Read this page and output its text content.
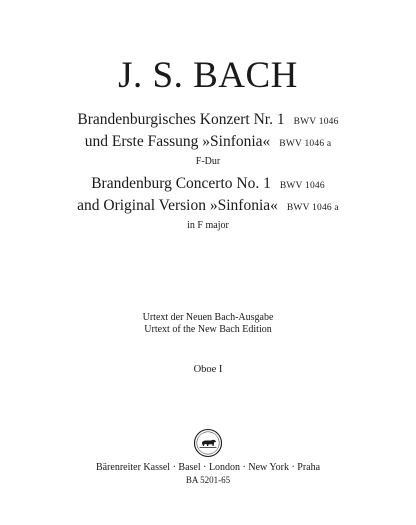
J. S. BACH
Brandenburgisches Konzert Nr. 1 BWV 1046
und Erste Fassung »Sinfonia« BWV 1046 a
F-Dur
Brandenburg Concerto No. 1 BWV 1046
and Original Version »Sinfonia« BWV 1046 a
in F major
Urtext der Neuen Bach-Ausgabe
Urtext of the New Bach Edition
Oboe I
Bärenreiter Kassel · Basel · London · New York · Praha
BA 5201-65
